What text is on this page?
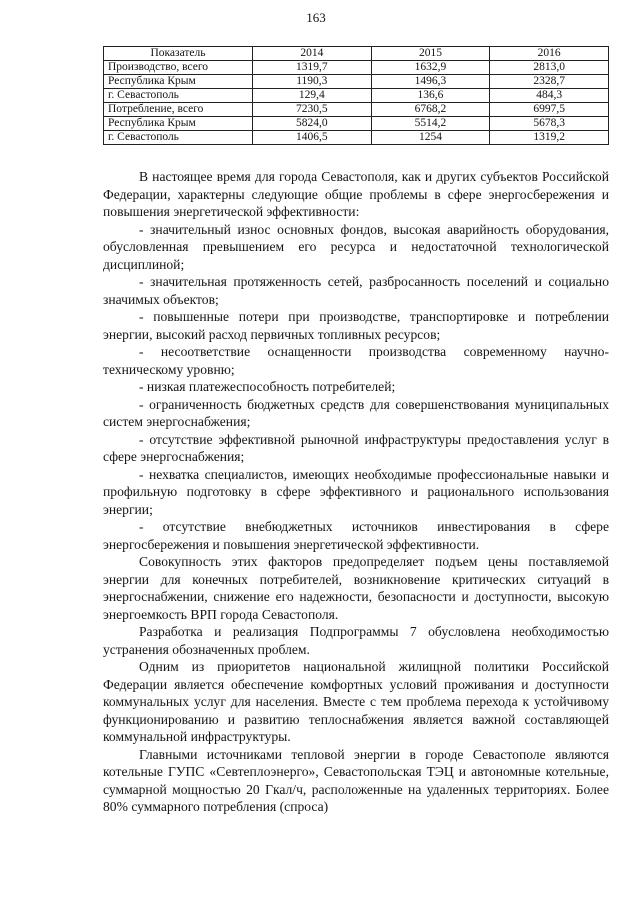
163
Показатель	2014	2015	2016
Производство, всего	1319,7	1632,9	2813,0
Республика Крым	1190,3	1496,3	2328,7
г. Севастополь	129,4	136,6	484,3
Потребление, всего	7230,5	6768,2	6997,5
Республика Крым	5824,0	5514,2	5678,3
г. Севастополь	1406,5	1254	1319,2

В настоящее время для города Севастополя, как и других субъектов Российской Федерации, характерны следующие общие проблемы в сфере энергосбережения и повышения энергетической эффективности:

- значительный износ основных фондов, высокая аварийность оборудования, обусловленная превышением его ресурса и недостаточной технологической дисциплиной;

- значительная протяженность сетей, разбросанность поселений и социально значимых объектов;

- повышенные потери при производстве, транспортировке и потреблении энергии, высокий расход первичных топливных ресурсов;

- несоответствие оснащенности производства современному научно-техническому уровню;

- низкая платежеспособность потребителей;

- ограниченность бюджетных средств для совершенствования муниципальных систем энергоснабжения;

- отсутствие эффективной рыночной инфраструктуры предоставления услуг в сфере энергоснабжения;

- нехватка специалистов, имеющих необходимые профессиональные навыки и профильную подготовку в сфере эффективного и рационального использования энергии;

- отсутствие внебюджетных источников инвестирования в сфере энергосбережения и повышения энергетической эффективности.

Совокупность этих факторов предопределяет подъем цены поставляемой энергии для конечных потребителей, возникновение критических ситуаций в энергоснабжении, снижение его надежности, безопасности и доступности, высокую энергоемкость ВРП города Севастополя.

Разработка и реализация Подпрограммы 7 обусловлена необходимостью устранения обозначенных проблем.

Одним из приоритетов национальной жилищной политики Российской Федерации является обеспечение комфортных условий проживания и доступности коммунальных услуг для населения. Вместе с тем проблема перехода к устойчивому функционированию и развитию теплоснабжения является важной составляющей коммунальной инфраструктуры.

Главными источниками тепловой энергии в городе Севастополе являются котельные ГУПС «Севтеплоэнерго», Севастопольская ТЭЦ и автономные котельные, суммарной мощностью 20 Гкал/ч, расположенные на удаленных территориях. Более 80% суммарного потребления (спроса)
